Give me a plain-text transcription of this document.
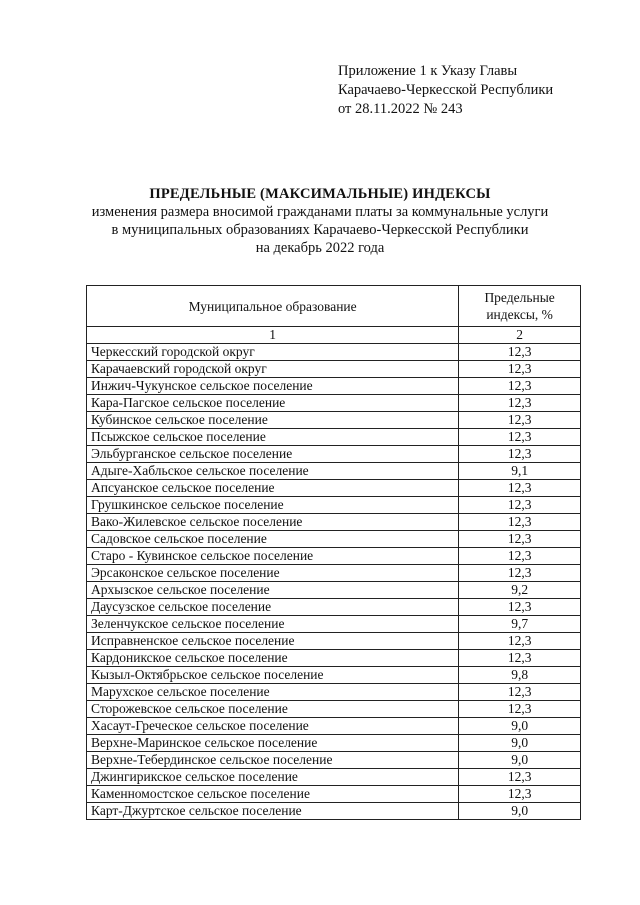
Приложение 1 к Указу Главы
Карачаево-Черкесской Республики
от 28.11.2022 № 243
ПРЕДЕЛЬНЫЕ (МАКСИМАЛЬНЫЕ) ИНДЕКСЫ
изменения размера вносимой гражданами платы за коммунальные услуги
в муниципальных образованиях Карачаево-Черкесской Республики
на декабрь 2022 года
Муниципальное образование	Предельные
индексы, %

1	2
Черкесский городской округ	12,3
Карачаевский городской округ	12,3
Инжич-Чукунское сельское поселение	12,3
Кара-Пагское сельское поселение	12,3
Кубинское сельское поселение	12,3
Псыжское сельское поселение	12,3
Эльбурганское сельское поселение	12,3
Адыге-Хабльское сельское поселение	9,1
Апсуанское сельское поселение	12,3
Грушкинское сельское поселение	12,3
Вако-Жилевское сельское поселение	12,3
Садовское сельское поселение	12,3
Старо - Кувинское сельское поселение	12,3
Эрсаконское сельское поселение	12,3
Архызское сельское поселение	9,2
Даусузское сельское поселение	12,3
Зеленчукское сельское поселение	9,7
Исправненское сельское поселение	12,3
Кардоникское сельское поселение	12,3
Кызыл-Октябрьское сельское поселение	9,8
Марухское сельское поселение	12,3
Сторожевское сельское поселение	12,3
Хасаут-Греческое сельское поселение	9,0
Верхне-Маринское сельское поселение	9,0
Верхне-Тебердинское сельское поселение	9,0
Джингирикское сельское поселение	12,3
Каменномостское сельское поселение	12,3
Карт-Джуртское сельское поселение	9,0
